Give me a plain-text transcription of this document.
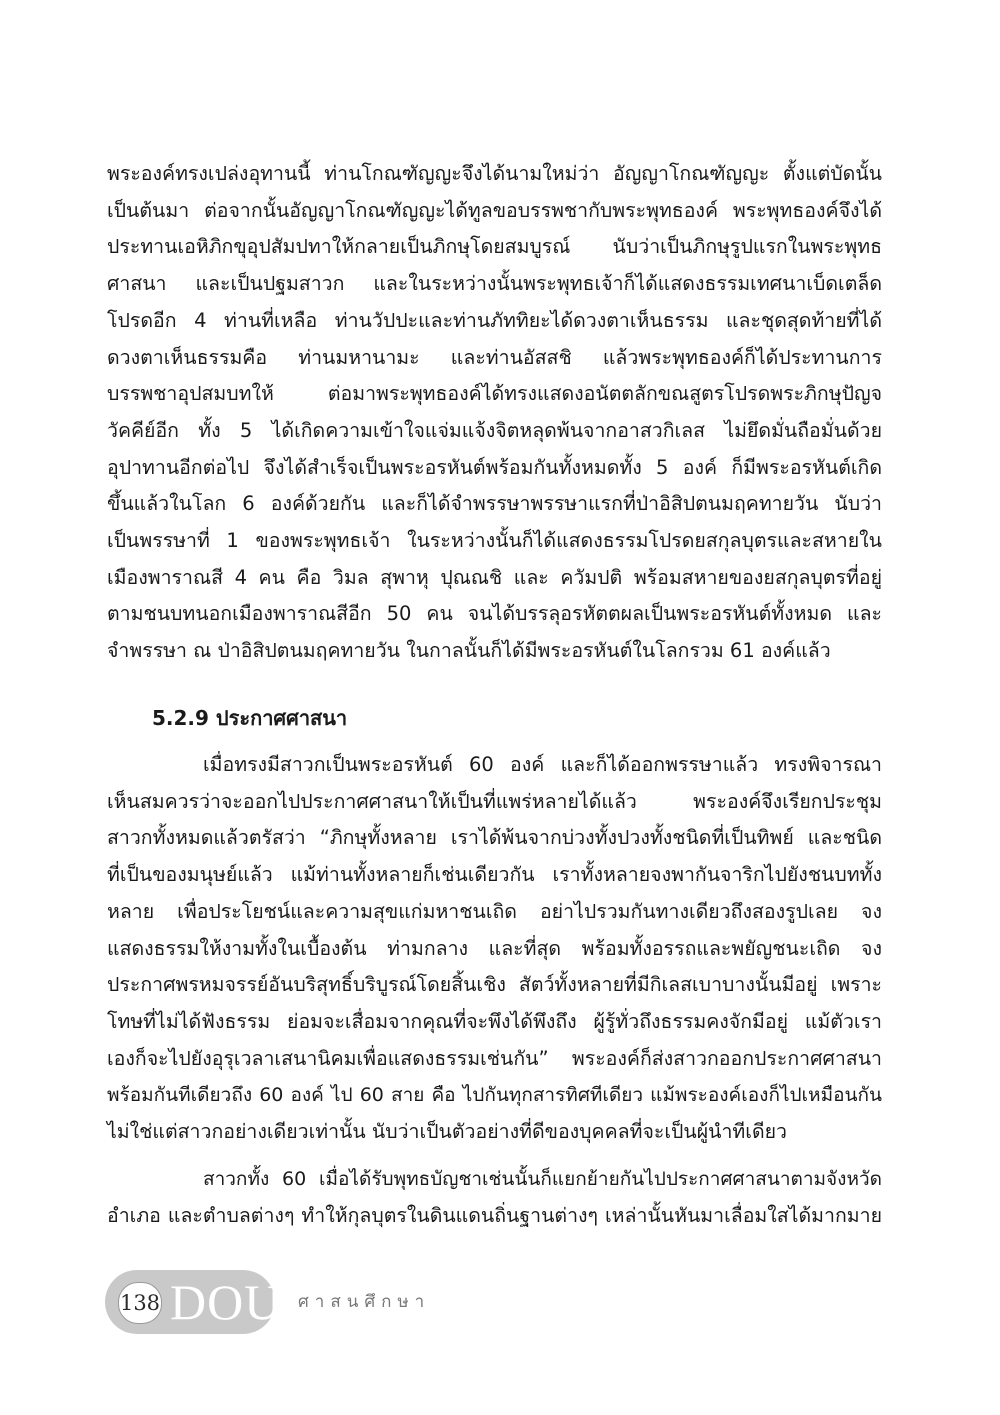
พระองค์ทรงเปล่งอุทานนี้ ท่านโกณฑัญญะจึงได้นามใหม่ว่า อัญญาโกณฑัญญะ ตั้งแต่บัดนั้น
เป็นต้นมา ต่อจากนั้นอัญญาโกณฑัญญะได้ทูลขอบรรพชากับพระพุทธองค์ พระพุทธองค์จึงได้
ประทานเอหิภิกขุอุปสัมปทาให้กลายเป็นภิกษุโดยสมบูรณ์ นับว่าเป็นภิกษุรูปแรกในพระพุทธ
ศาสนา และเป็นปฐมสาวก และในระหว่างนั้นพระพุทธเจ้าก็ได้แสดงธรรมเทศนาเบ็ดเตล็ด
โปรดอีก 4 ท่านที่เหลือ ท่านวัปปะและท่านภัททิยะได้ดวงตาเห็นธรรม และชุดสุดท้ายที่ได้
ดวงตาเห็นธรรมคือ ท่านมหานามะ และท่านอัสสชิ แล้วพระพุทธองค์ก็ได้ประทานการ
บรรพชาอุปสมบทให้ ต่อมาพระพุทธองค์ได้ทรงแสดงอนัตตลักขณสูตรโปรดพระภิกษุปัญจ
วัคคีย์อีก ทั้ง 5 ได้เกิดความเข้าใจแจ่มแจ้งจิตหลุดพ้นจากอาสวกิเลส ไม่ยึดมั่นถือมั่นด้วย
อุปาทานอีกต่อไป จึงได้สำเร็จเป็นพระอรหันต์พร้อมกันทั้งหมดทั้ง 5 องค์ ก็มีพระอรหันต์เกิด
ขึ้นแล้วในโลก 6 องค์ด้วยกัน และก็ได้จำพรรษาพรรษาแรกที่ป่าอิสิปตนมฤคทายวัน นับว่า
เป็นพรรษาที่ 1 ของพระพุทธเจ้า ในระหว่างนั้นก็ได้แสดงธรรมโปรดยสกุลบุตรและสหายใน
เมืองพาราณสี 4 คน คือ วิมล สุพาหุ ปุณณชิ และ ควัมปติ พร้อมสหายของยสกุลบุตรที่อยู่
ตามชนบทนอกเมืองพาราณสีอีก 50 คน จนได้บรรลุอรหัตตผลเป็นพระอรหันต์ทั้งหมด และ
จำพรรษา ณ ป่าอิสิปตนมฤคทายวัน ในกาลนั้นก็ได้มีพระอรหันต์ในโลกรวม 61 องค์แล้ว
5.2.9 ประกาศศาสนา
เมื่อทรงมีสาวกเป็นพระอรหันต์ 60 องค์ และก็ได้ออกพรรษาแล้ว ทรงพิจารณา
เห็นสมควรว่าจะออกไปประกาศศาสนาให้เป็นที่แพร่หลายได้แล้ว พระองค์จึงเรียกประชุม
สาวกทั้งหมดแล้วตรัสว่า “ภิกษุทั้งหลาย เราได้พ้นจากบ่วงทั้งปวงทั้งชนิดที่เป็นทิพย์ และชนิด
ที่เป็นของมนุษย์แล้ว แม้ท่านทั้งหลายก็เช่นเดียวกัน เราทั้งหลายจงพากันจาริกไปยังชนบททั้ง
หลาย เพื่อประโยชน์และความสุขแก่มหาชนเถิด อย่าไปรวมกันทางเดียวถึงสองรูปเลย จง
แสดงธรรมให้งามทั้งในเบื้องต้น ท่ามกลาง และที่สุด พร้อมทั้งอรรถและพยัญชนะเถิด จง
ประกาศพรหมจรรย์อันบริสุทธิ์บริบูรณ์โดยสิ้นเชิง สัตว์ทั้งหลายที่มีกิเลสเบาบางนั้นมีอยู่ เพราะ
โทษที่ไม่ได้ฟังธรรม ย่อมจะเสื่อมจากคุณที่จะพึงได้พึงถึง ผู้รู้ทั่วถึงธรรมคงจักมีอยู่ แม้ตัวเรา
เองก็จะไปยังอุรุเวลาเสนานิคมเพื่อแสดงธรรมเช่นกัน” พระองค์ก็ส่งสาวกออกประกาศศาสนา
พร้อมกันทีเดียวถึง 60 องค์ ไป 60 สาย คือ ไปกันทุกสารทิศทีเดียว แม้พระองค์เองก็ไปเหมือนกัน
ไม่ใช่แต่สาวกอย่างเดียวเท่านั้น นับว่าเป็นตัวอย่างที่ดีของบุคคลที่จะเป็นผู้นำทีเดียว
สาวกทั้ง 60 เมื่อได้รับพุทธบัญชาเช่นนั้นก็แยกย้ายกันไปประกาศศาสนาตามจังหวัด
อำเภอ และตำบลต่างๆ ทำให้กุลบุตรในดินแดนถิ่นฐานต่างๆ เหล่านั้นหันมาเลื่อมใสได้มากมาย
138 DOU ศาสนศึกษา
